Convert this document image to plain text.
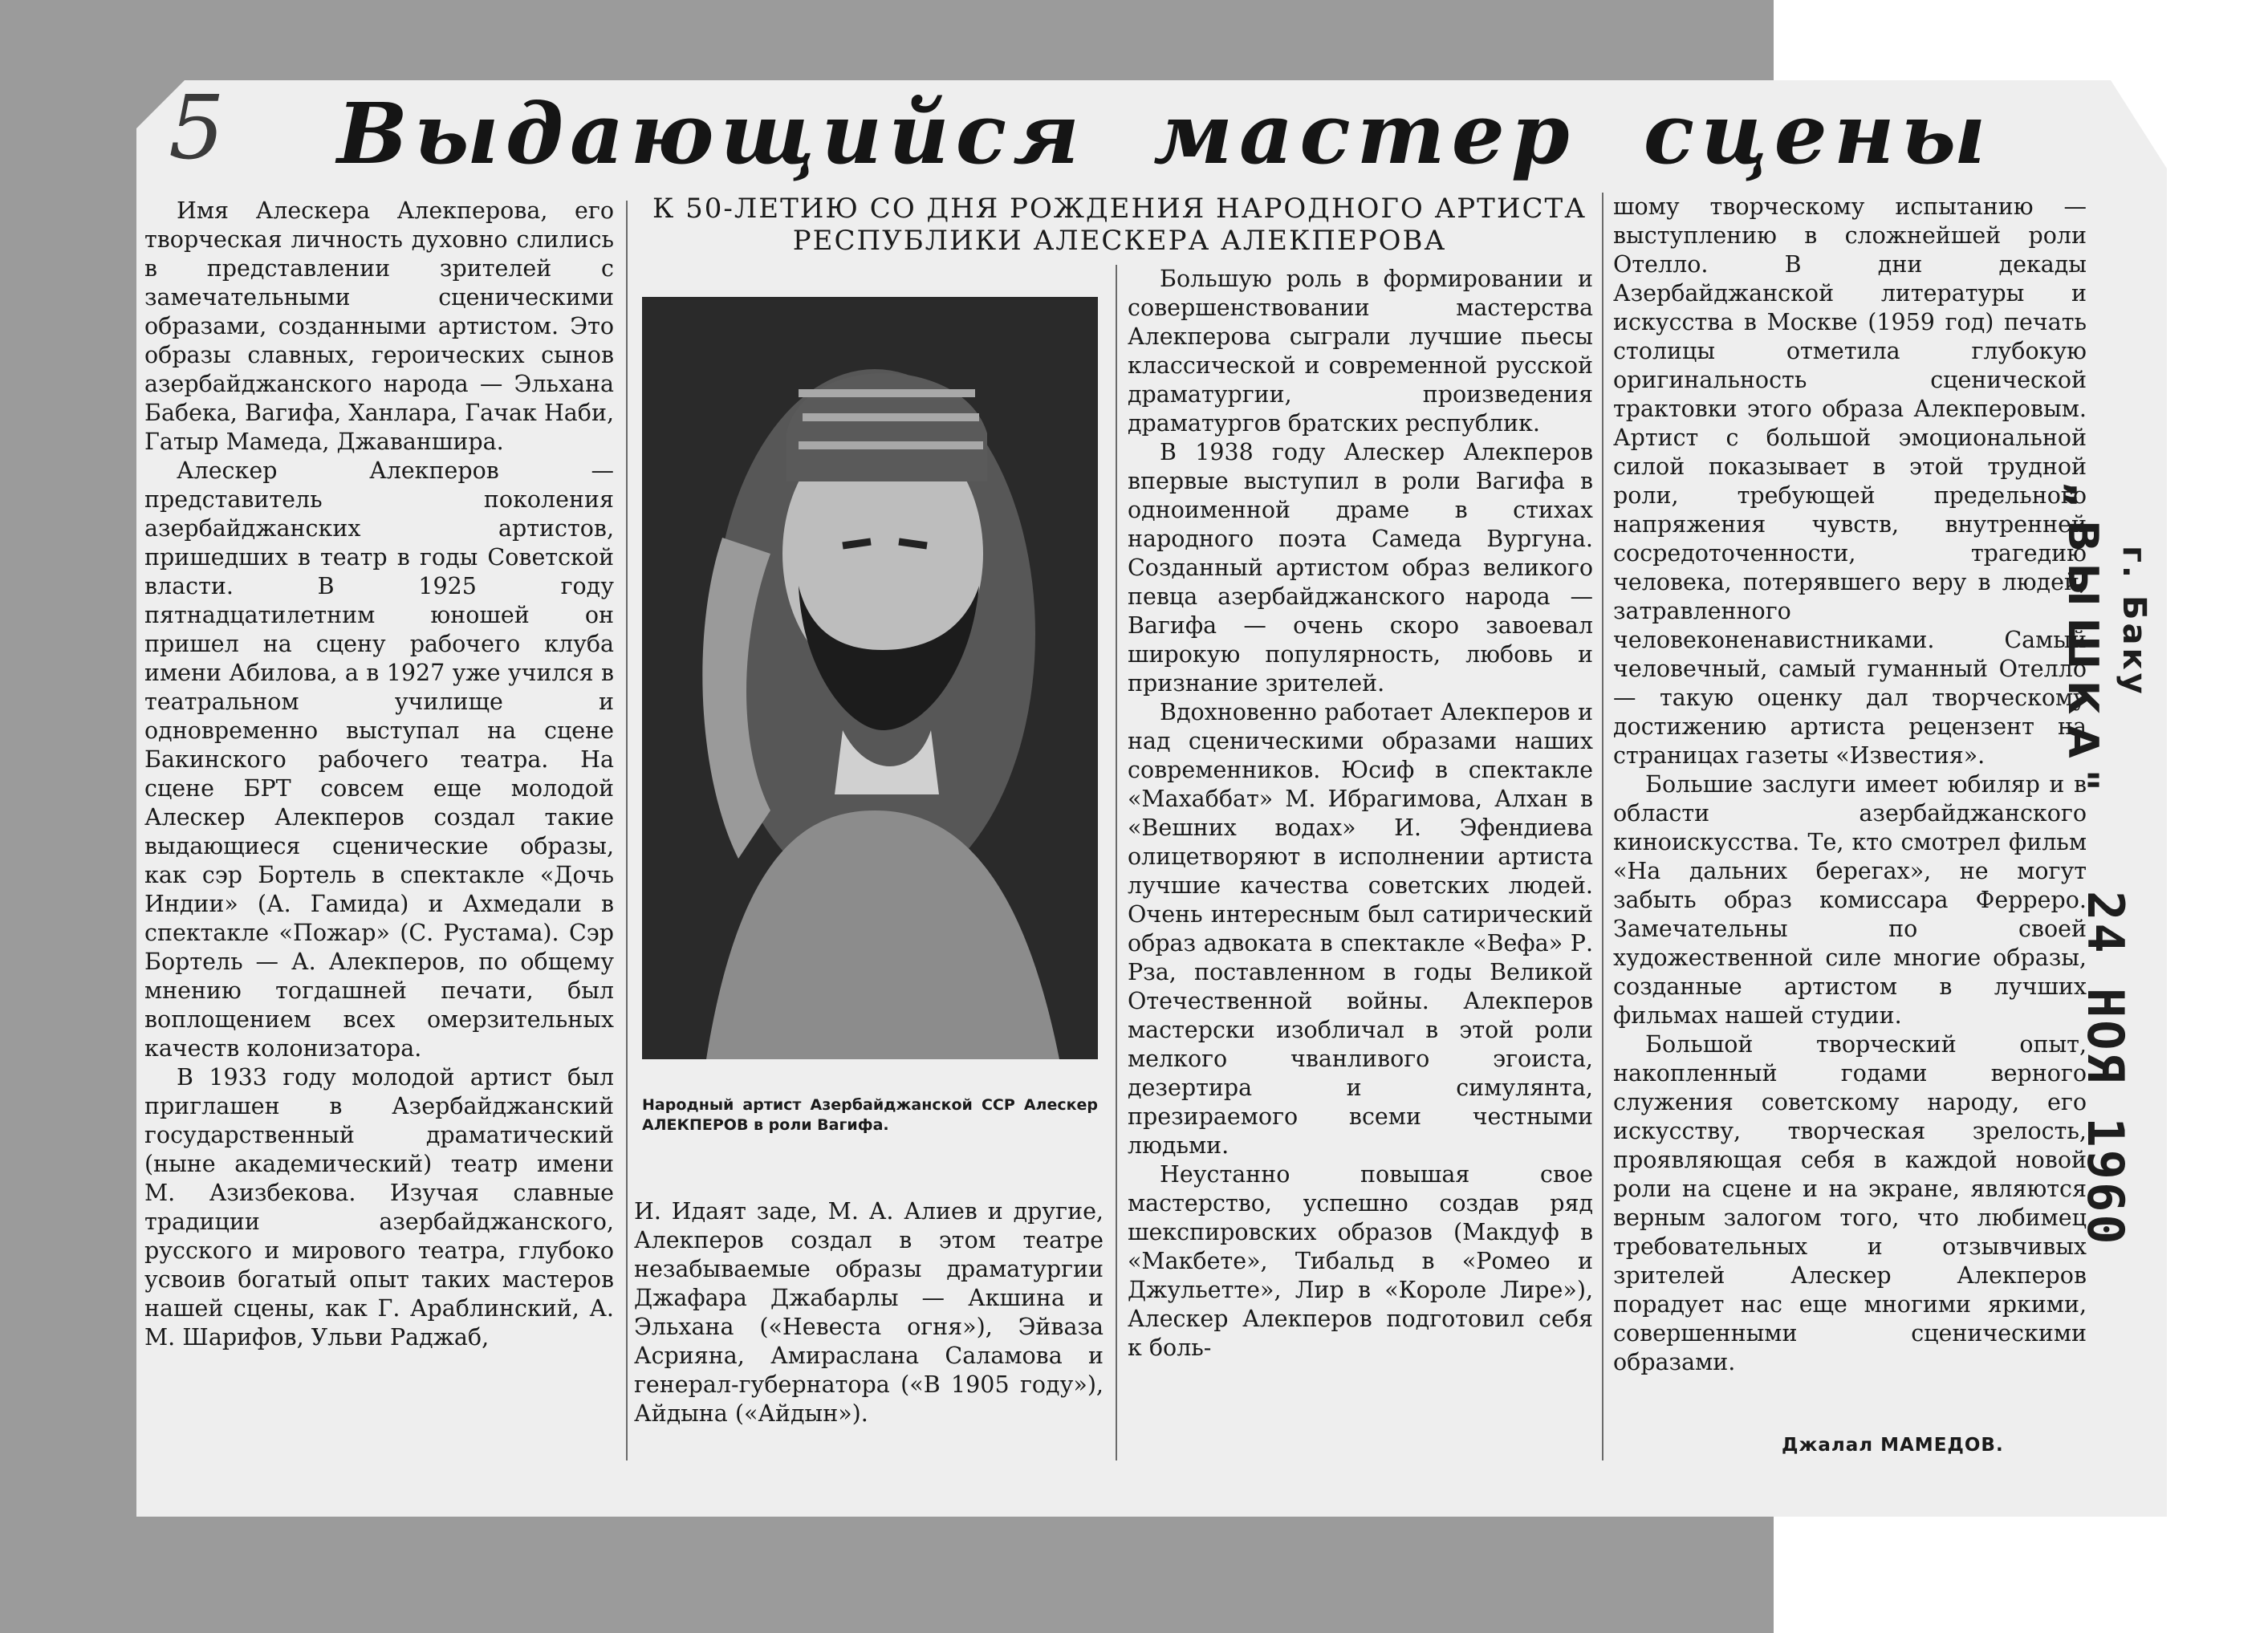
5 Выдающийся мастер сцены

Имя Алескера Алекперова, его творческая личность духовно слились в представлении зрителей с замечательными сценическими образами, созданными артистом. Это образы славных, героических сынов азербайджанского народа — Эльхана Бабека, Вагифа, Ханлара, Гачак Наби, Гатыр Мамеда, Джаваншира.

Алескер Алекперов — представитель поколения азербайджанских артистов, пришедших в театр в годы Советской власти. В 1925 году пятнадцатилетним юношей он пришел на сцену рабочего клуба имени Абилова, а в 1927 уже учился в театральном училище и одновременно выступал на сцене Бакинского рабочего театра. На сцене БРТ совсем еще молодой Алескер Алекперов создал такие выдающиеся сценические образы, как сэр Бортель в спектакле «Дочь Индии» (А. Гамида) и Ахмедали в спектакле «Пожар» (С. Рустама). Сэр Бортель — А. Алекперов, по общему мнению тогдашней печати, был воплощением всех омерзительных качеств колонизатора.

В 1933 году молодой артист был приглашен в Азербайджанский государственный драматический (ныне академический) театр имени М. Азизбекова. Изучая славные традиции азербайджанского, русского и мирового театра, глубоко усвоив богатый опыт таких мастеров нашей сцены, как Г. Араблинский, А. М. Шарифов, Ульви Раджаб,

К 50-ЛЕТИЮ СО ДНЯ РОЖДЕНИЯ НАРОДНОГО АРТИСТА РЕСПУБЛИКИ АЛЕСКЕРА АЛЕКПЕРОВА
Народный артист Азербайджанской ССР Алескер АЛЕКПЕРОВ в роли Вагифа.

И. Идаят заде, М. А. Алиев и другие, Алекперов создал в этом театре незабываемые образы драматургии Джафара Джабарлы — Акшина и Эльхана («Невеста огня»), Эйваза Асрияна, Амирасланa Саламова и генерал-губернатора («В 1905 году»), Айдына («Айдын»).

Большую роль в формировании и совершенствовании мастерства Алекперова сыграли лучшие пьесы классической и современной русской драматургии, произведения драматургов братских республик.

В 1938 году Алескер Алекперов впервые выступил в роли Вагифа в одноименной драме в стихах народного поэта Самеда Вургуна. Созданный артистом образ великого певца азербайджанского народа — Вагифа — очень скоро завоевал широкую популярность, любовь и признание зрителей.

Вдохновенно работает Алекперов и над сценическими образами наших современников. Юсиф в спектакле «Махаббат» М. Ибрагимова, Алхан в «Вешних водах» И. Эфендиева олицетворяют в исполнении артиста лучшие качества советских людей. Очень интересным был сатирический образ адвоката в спектакле «Вефа» Р. Рза, поставленном в годы Великой Отечественной войны. Алекперов мастерски изобличал в этой роли мелкого чванливого эгоиста, дезертира и симулянта, презираемого всеми честными людьми.

Неустанно повышая свое мастерство, успешно создав ряд шекспировских образов (Макдуф в «Макбете», Тибальд в «Ромео и Джульетте», Лир в «Короле Лире»), Алескер Алекперов подготовил себя к боль-

шому творческому испытанию — выступлению в сложнейшей роли Отелло. В дни декады Азербайджанской литературы и искусства в Москве (1959 год) печать столицы отметила глубокую оригинальность сценической трактовки этого образа Алекперовым. Артист с большой эмоциональной силой показывает в этой трудной роли, требующей предельного напряжения чувств, внутренней сосредоточенности, трагедию человека, потерявшего веру в людей, затравленного человеконенавистниками. Самый человечный, самый гуманный Отелло — такую оценку дал творческому достижению артиста рецензент на страницах газеты «Известия».

Большие заслуги имеет юбиляр и в области азербайджанского киноискусства. Те, кто смотрел фильм «На дальних берегах», не могут забыть образ комиссара Ферреро. Замечательны по своей художественной силе многие образы, созданные артистом в лучших фильмах нашей студии.

Большой творческий опыт, накопленный годами верного служения советскому народу, его искусству, творческая зрелость, проявляющая себя в каждой новой роли на сцене и на экране, являются верным залогом того, что любимец требовательных и отзывчивых зрителей Алескер Алекперов порадует нас еще многими яркими, совершенными сценическими образами.

Джалал МАМЕДОВ.
„ВЫШКА" г. Баку
24 НОЯ 1960
